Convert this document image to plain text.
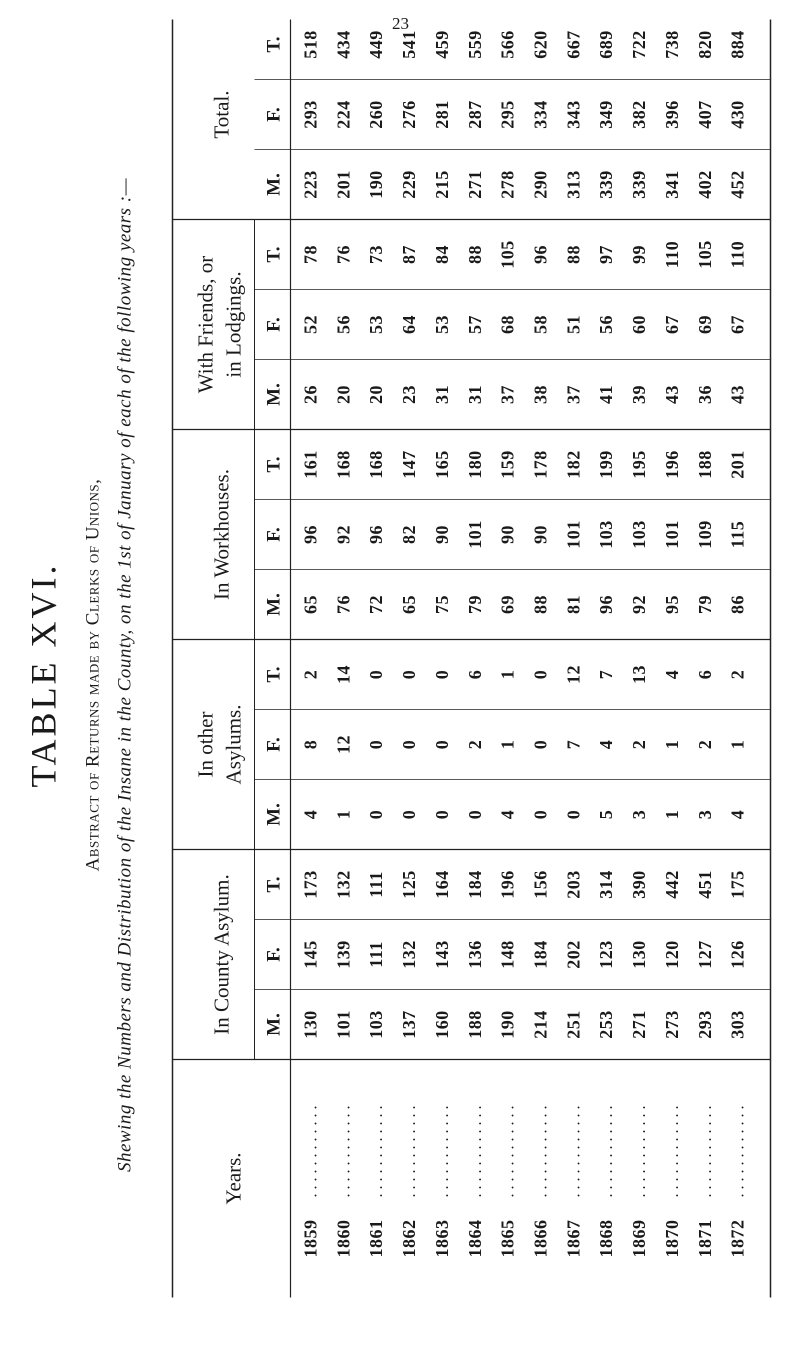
23
TABLE XVI. Abstract of Returns made by Clerks of Unions, Shewing the Numbers and Distribution of the Insane in the County, on the 1st of January of each of the following years :—
Years.
In County Asylum. M.
F.
T.
In other Asylums.
M.
F.
T.
In Workhouses.
M.
F.
T.
With Friends, or in Lodgings.
M.
F.
T.
Total.
M.
F.
T.
1859
. . . . . . . . . . . .
130
145
173
4
8
2
65
96
161
26
52
78
223
293
518
1860
. . . . . . . . . . . .
101
139
132
1
12
14
76
92
168
20
56
76
201
224
434
1861
. . . . . . . . . . . .
103
111
111
0
0
0
72
96
168
20
53
73
190
260
449
1862
. . . . . . . . . . . .
137
132
125
0
0
0
65
82
147
23
64
87
229
276
541
1863
. . . . . . . . . . . .
160
143
164
0
0
0
75
90
165
31
53
84
215
281
459
1864
. . . . . . . . . . . .
188
136
184
0
2
6
79
101
180
31
57
88
271
287
559
1865
. . . . . . . . . . . .
190
148
196
4
1
1
69
90
159
37
68
105
278
295
566
1866
. . . . . . . . . . . .
214
184
156
0
0
0
88
90
178
38
58
96
290
334
620
1867
. . . . . . . . . . . .
251
202
203
0
7
12
81
101
182
37
51
88
313
343
667
1868
. . . . . . . . . . . .
253
123
314
5
4
7
96
103
199
41
56
97
339
349
689
1869
. . . . . . . . . . . .
271
130
390
3
2
13
92
103
195
39
60
99
339
382
722
1870
. . . . . . . . . . . .
273
120
442
1
1
4
95
101
196
43
67
110
341
396
738
1871
. . . . . . . . . . . .
293
127
451
3
2
6
79
109
188
36
69
105
402
407
820
1872
. . . . . . . . . . . .
303
126
175
4
1
2
86
115
201
43
67
110
452
430
884
